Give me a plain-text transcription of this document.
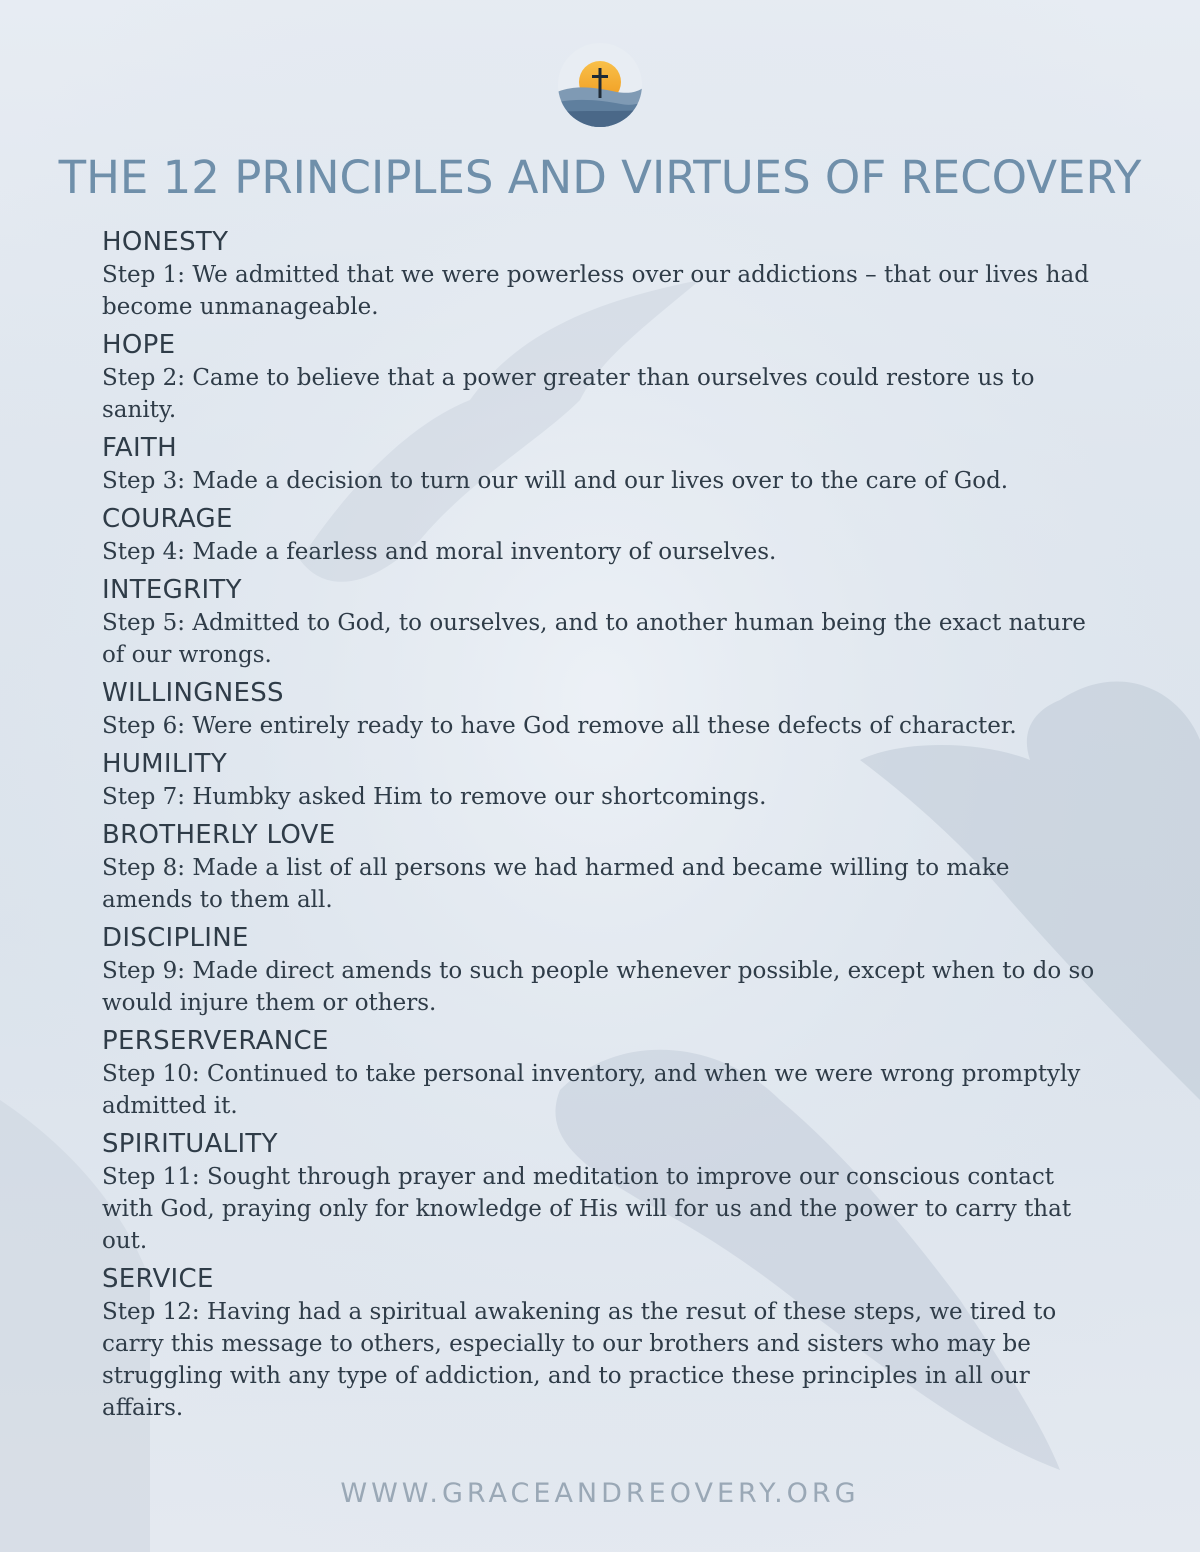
THE 12 PRINCIPLES AND VIRTUES OF RECOVERY
HONESTY
Step 1: We admitted that we were powerless over our addictions – that our lives had become unmanageable.
HOPE
Step 2: Came to believe that a power greater than ourselves could restore us to sanity.
FAITH
Step 3: Made a decision to turn our will and our lives over to the care of God.
COURAGE
Step 4: Made a fearless and moral inventory of ourselves.
INTEGRITY
Step 5: Admitted to God, to ourselves, and to another human being the exact nature of our wrongs.
WILLINGNESS
Step 6: Were entirely ready to have God remove all these defects of character.
HUMILITY
Step 7: Humbky asked Him to remove our shortcomings.
BROTHERLY LOVE
Step 8: Made a list of all persons we had harmed and became willing to make amends to them all.
DISCIPLINE
Step 9: Made direct amends to such people whenever possible, except when to do so would injure them or others.
PERSERVERANCE
Step 10: Continued to take personal inventory, and when we were wrong promptyly admitted it.
SPIRITUALITY
Step 11: Sought through prayer and meditation to improve our conscious contact with God, praying only for knowledge of His will for us and the power to carry that out.
SERVICE
Step 12: Having had a spiritual awakening as the resut of these steps, we tired to carry this message to others, especially to our brothers and sisters who may be struggling with any type of addiction, and to practice these principles in all our affairs.
WWW.GRACEANDREOVERY.ORG
